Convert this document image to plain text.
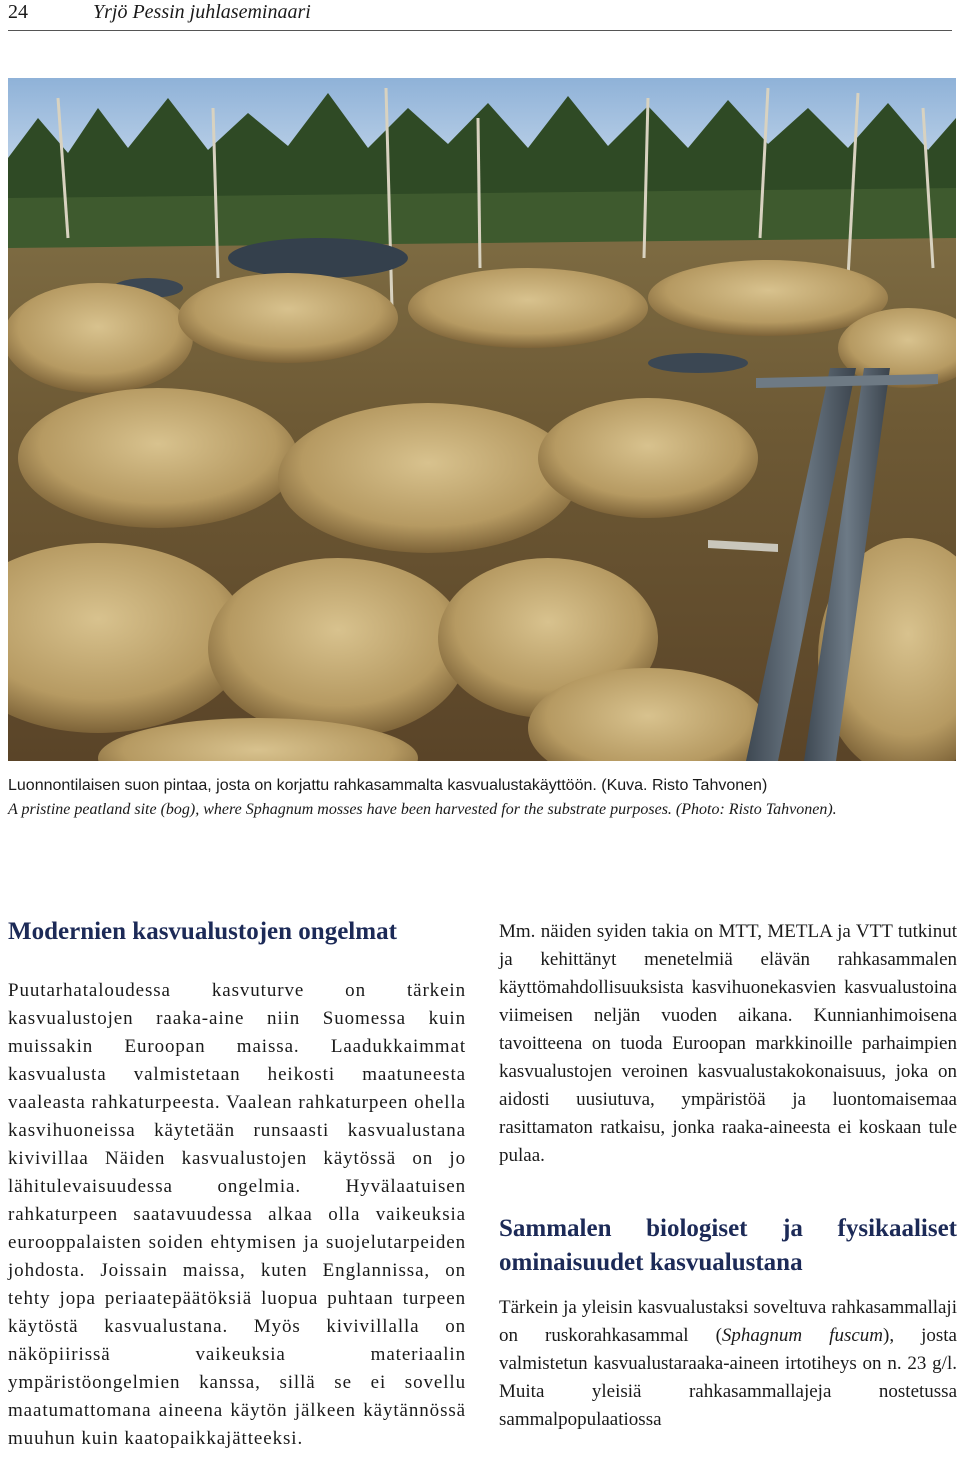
24	Yrjö Pessin juhlaseminaari
Luonnontilaisen suon pintaa, josta on korjattu rahkasammalta kasvualustakäyttöön. (Kuva. Risto Tahvonen)
A pristine peatland site (bog), where Sphagnum mosses have been harvested for the substrate purposes. (Photo: Risto Tahvonen).
Modernien kasvualustojen ongelmat

Puutarhataloudessa kasvuturve on tärkein kasvualustojen raaka-aine niin Suomessa kuin muissakin Euroopan maissa. Laadukkaimmat kasvualusta valmistetaan heikosti maatuneesta vaaleasta rahkaturpeesta. Vaalean rahkaturpeen ohella kasvihuoneissa käytetään runsaasti kasvualustana kivivillaa Näiden kasvualustojen käytössä on jo lähitulevaisuudessa ongelmia. Hyvälaatuisen rahkaturpeen saatavuudessa alkaa olla vaikeuksia eurooppalaisten soiden ehtymisen ja suojelutarpeiden johdosta. Joissain maissa, kuten Englannissa, on tehty jopa periaatepäätöksiä luopua puhtaan turpeen käytöstä kasvualustana. Myös kivivillalla on näköpiirissä vaikeuksia materiaalin ympäristöongelmien kanssa, sillä se ei sovellu maatumattomana aineena käytön jälkeen käytännössä muuhun kuin kaatopaikkajätteeksi.

Mm. näiden syiden takia on MTT, METLA ja VTT tutkinut ja kehittänyt menetelmiä elävän rahkasammalen käyttömahdollisuuksista kasvihuonekasvien kasvualustoina viimeisen neljän vuoden aikana. Kunnianhimoisena tavoitteena on tuoda Euroopan markkinoille parhaimpien kasvualustojen veroinen kasvualustakokonaisuus, joka on aidosti uusiutuva, ympäristöä ja luontomaisemaa rasittamaton ratkaisu, jonka raaka-aineesta ei koskaan tule pulaa.

Sammalen biologiset ja fysikaaliset ominaisuudet kasvualustana

Tärkein ja yleisin kasvualustaksi soveltuva rahkasammallaji on ruskorahkasammal (Sphagnum fuscum), josta valmistetun kasvualustaraaka-aineen irtotiheys on n. 23 g/l. Muita yleisiä rahkasammallajeja nostetussa sammalpopulaatiossa
